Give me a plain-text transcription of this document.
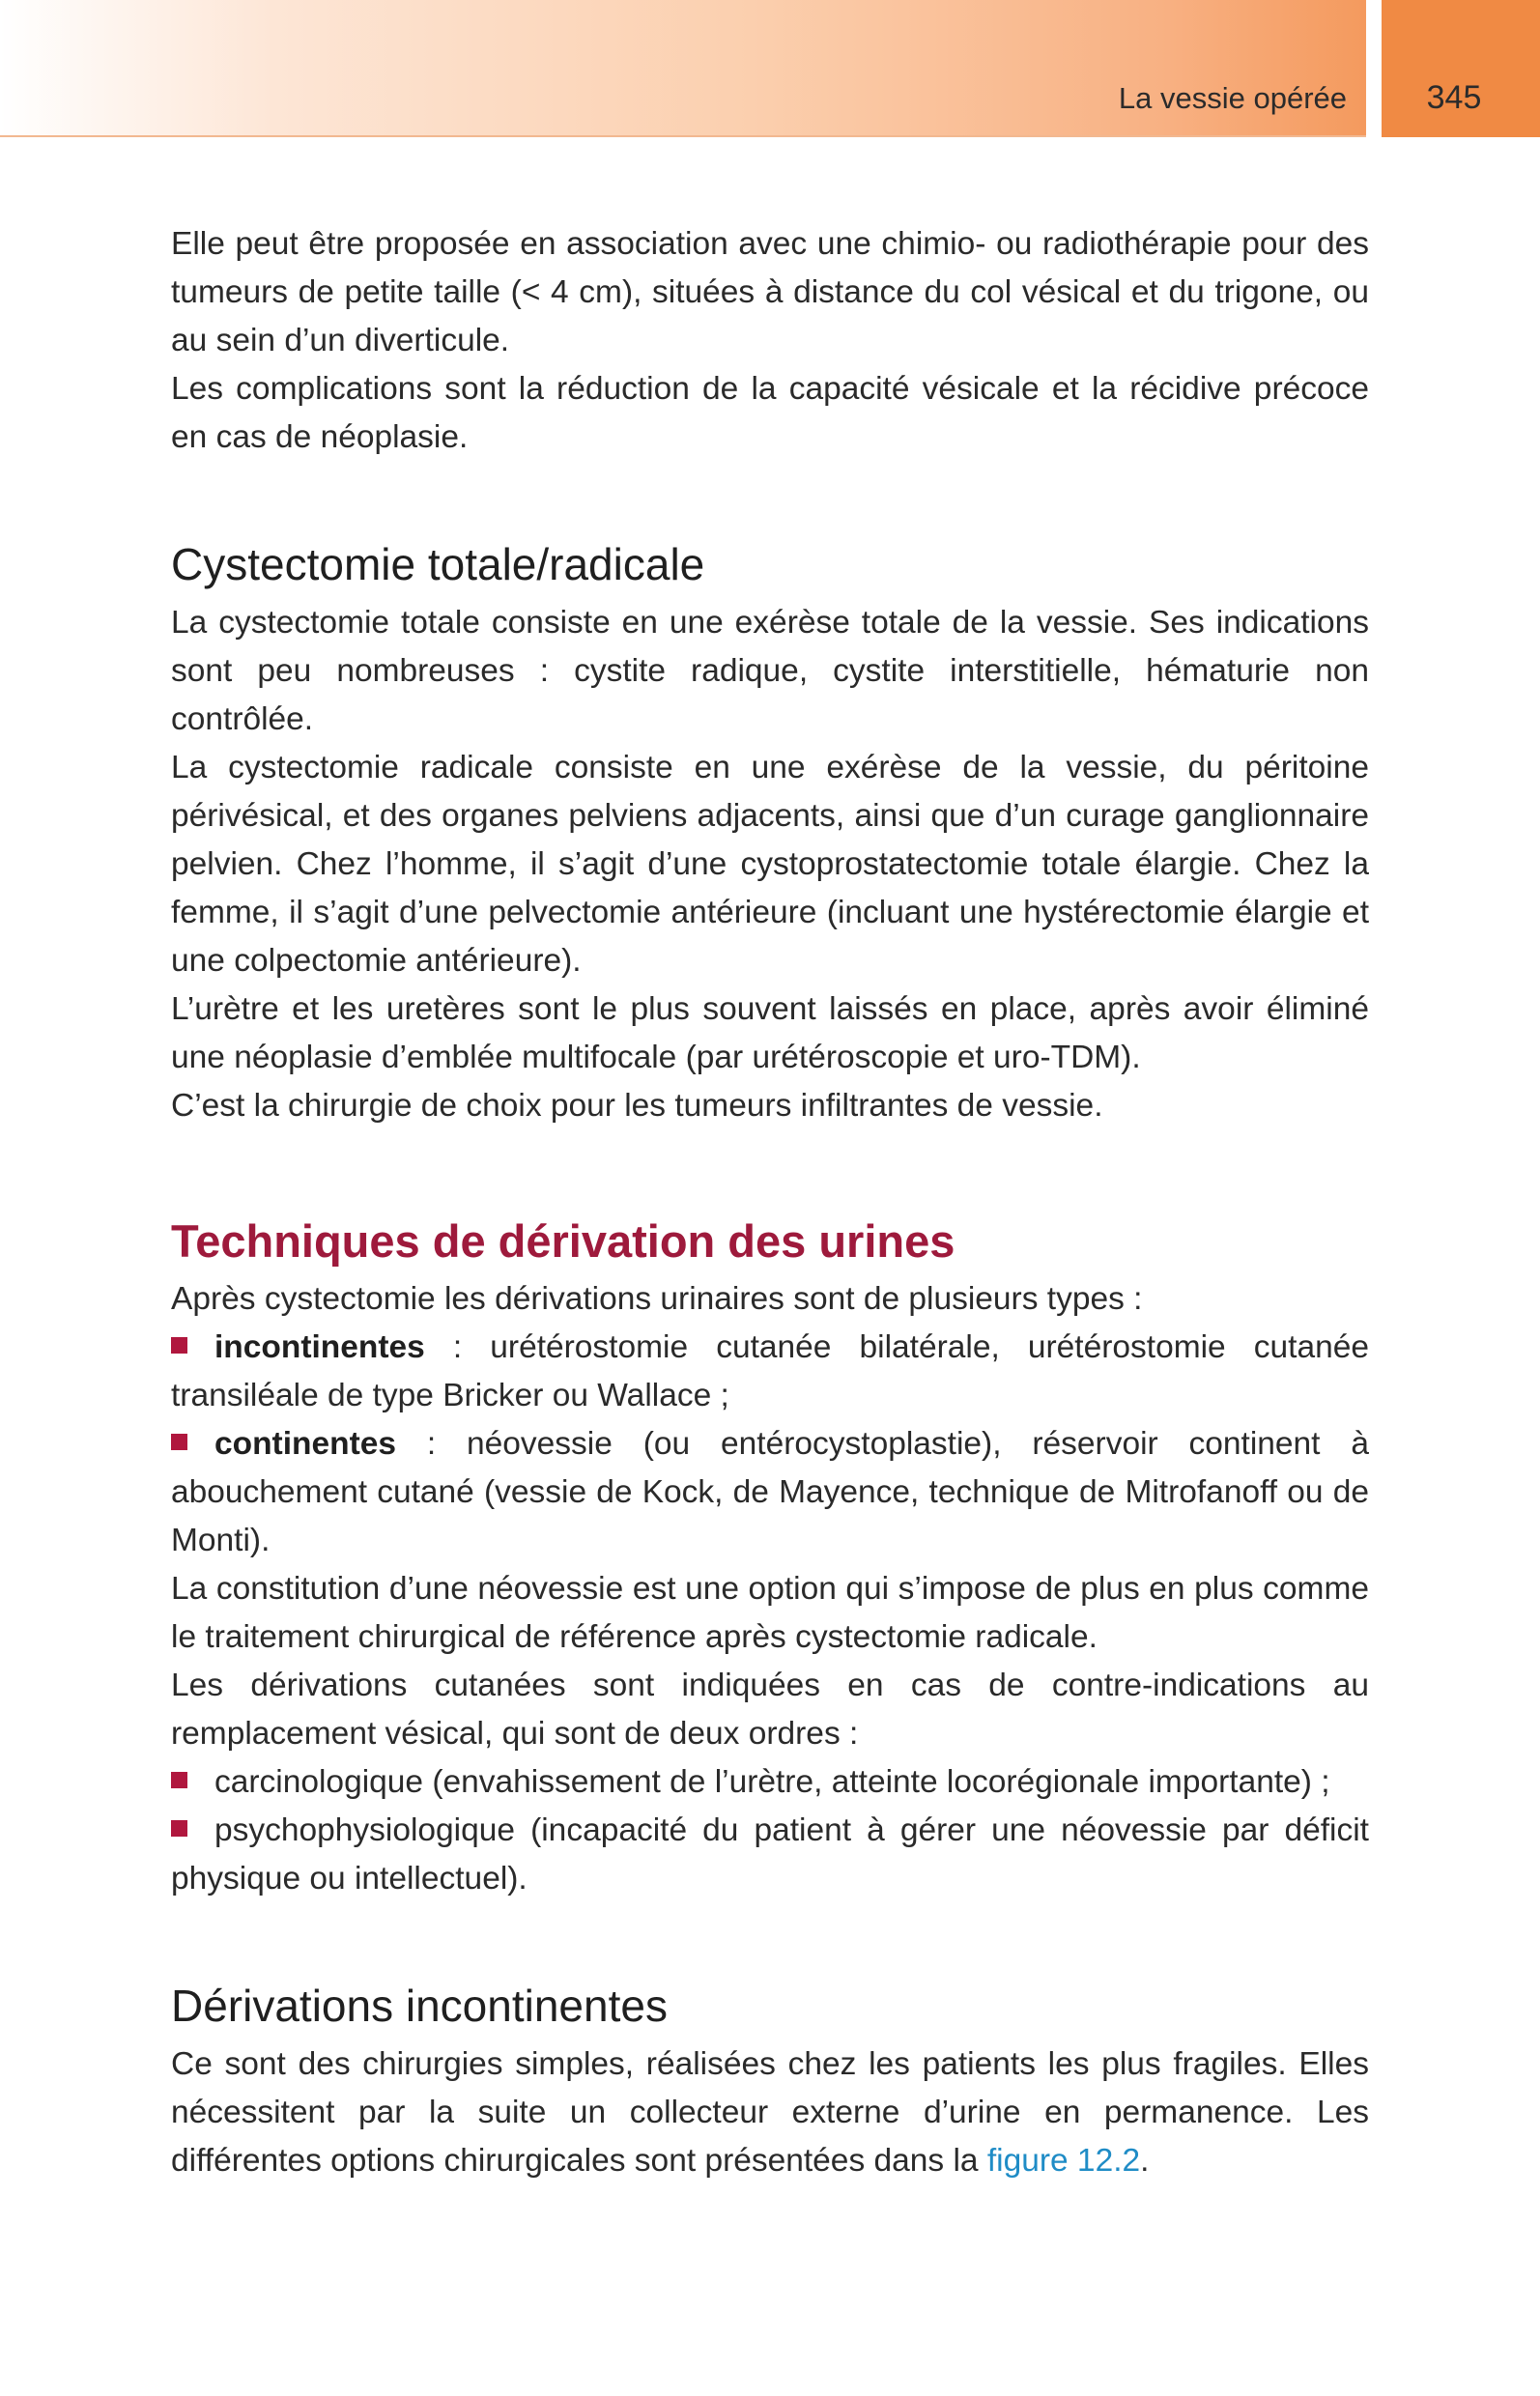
La vessie opérée	345

Elle peut être proposée en association avec une chimio- ou radiothérapie pour des tumeurs de petite taille (< 4 cm), situées à distance du col vésical et du trigone, ou au sein d’un diverticule.

Les complications sont la réduction de la capacité vésicale et la récidive précoce en cas de néoplasie.

Cystectomie totale/radicale

La cystectomie totale consiste en une exérèse totale de la vessie. Ses indications sont peu nombreuses : cystite radique, cystite interstitielle, hématurie non contrôlée.

La cystectomie radicale consiste en une exérèse de la vessie, du péritoine périvésical, et des organes pelviens adjacents, ainsi que d’un curage ganglionnaire pelvien. Chez l’homme, il s’agit d’une cystoprostatectomie totale élargie. Chez la femme, il s’agit d’une pelvectomie antérieure (incluant une hystérectomie élargie et une colpectomie antérieure).

L’urètre et les uretères sont le plus souvent laissés en place, après avoir éliminé une néoplasie d’emblée multifocale (par urétéroscopie et uro-TDM).

C’est la chirurgie de choix pour les tumeurs infiltrantes de vessie.

Techniques de dérivation des urines

Après cystectomie les dérivations urinaires sont de plusieurs types :

incontinentes : urétérostomie cutanée bilatérale, urétérostomie cutanée transiléale de type Bricker ou Wallace ;

continentes : néovessie (ou entérocystoplastie), réservoir continent à abouchement cutané (vessie de Kock, de Mayence, technique de Mitrofanoff ou de Monti).

La constitution d’une néovessie est une option qui s’impose de plus en plus comme le traitement chirurgical de référence après cystectomie radicale.

Les dérivations cutanées sont indiquées en cas de contre-indications au remplacement vésical, qui sont de deux ordres :

carcinologique (envahissement de l’urètre, atteinte locorégionale importante) ;

psychophysiologique (incapacité du patient à gérer une néovessie par déficit physique ou intellectuel).

Dérivations incontinentes

Ce sont des chirurgies simples, réalisées chez les patients les plus fragiles. Elles nécessitent par la suite un collecteur externe d’urine en permanence. Les différentes options chirurgicales sont présentées dans la figure 12.2.
